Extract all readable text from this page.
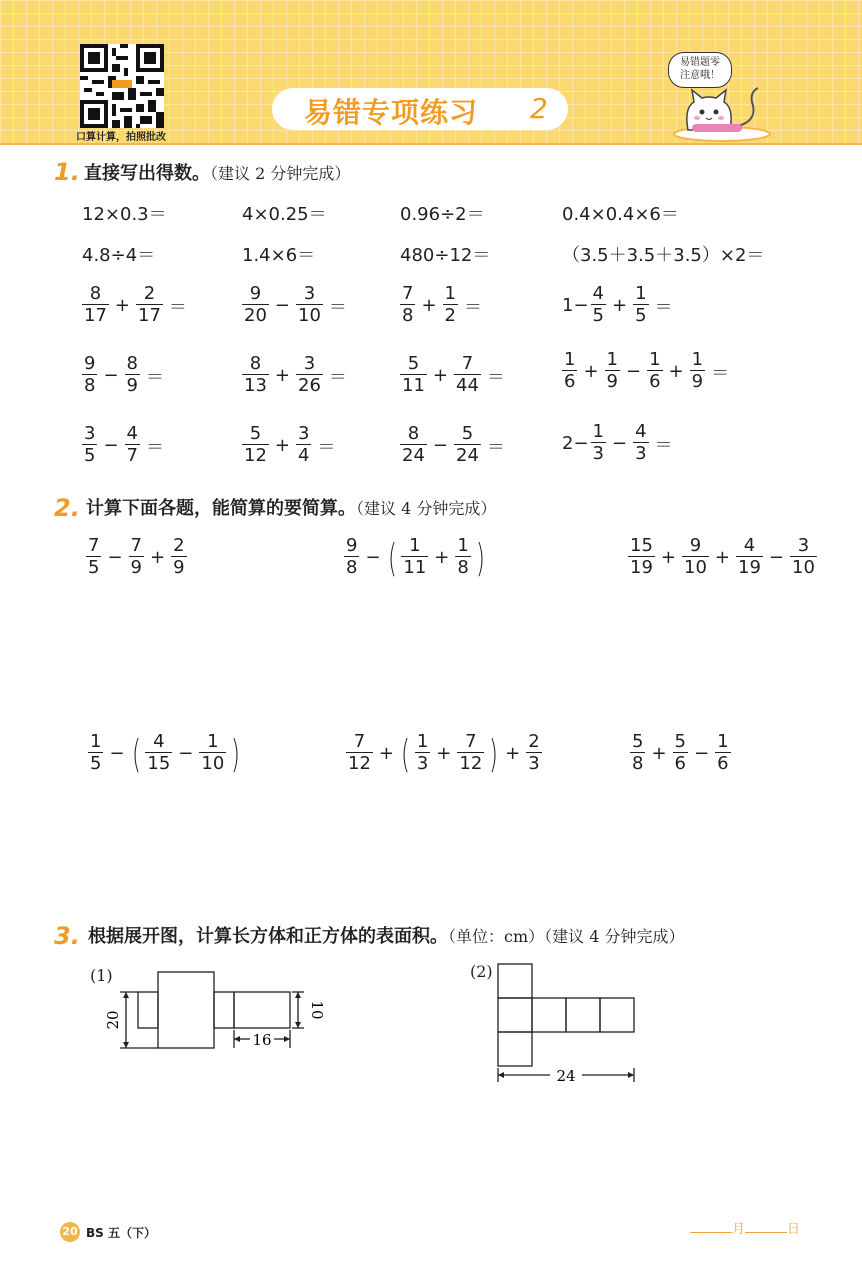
口算计算，拍照批改
易错专项练习 2
易错题零
注意哦！
1. 直接写出得数。（建议 2 分钟完成）
12×0.3＝	4×0.25＝	0.96÷2＝	0.4×0.4×6＝
4.8÷4＝	1.4×6＝	480÷12＝	（3.5＋3.5＋3.5）×2＝
$\frac{8}{17} + \frac{2}{17}$ ＝	$\frac{9}{20} - \frac{3}{10}$ ＝	$\frac{7}{8} + \frac{1}{2}$ ＝	$1- \frac{4}{5} + \frac{1}{5}$ ＝
$\frac{9}{8} - \frac{8}{9}$ ＝	$\frac{8}{13} + \frac{3}{26}$ ＝	$\frac{5}{11} + \frac{7}{44}$ ＝	$\frac{1}{6} + \frac{1}{9} - \frac{1}{6} + \frac{1}{9}$ ＝
$\frac{3}{5} - \frac{4}{7}$ ＝	$\frac{5}{12} + \frac{3}{4}$ ＝	$\frac{8}{24} - \frac{5}{24}$ ＝	$2- \frac{1}{3} - \frac{4}{3}$ ＝
2. 计算下面各题，能简算的要简算。（建议 4 分钟完成）
$\frac{7}{5} - \frac{7}{9} + \frac{2}{9}$	$\frac{9}{8}$ − ( $\frac{1}{11} + \frac{1}{8}$ )	$\frac{15}{19} + \frac{9}{10} + \frac{4}{19} - \frac{3}{10}$
$\frac{1}{5}$ − ( $\frac{4}{15} - \frac{1}{10}$ )	$\frac{7}{12}$ + ( $\frac{1}{3} + \frac{7}{12}$ ) + $\frac{2}{3}$	$\frac{5}{8} + \frac{5}{6} - \frac{1}{6}$
3. 根据展开图，计算长方体和正方体的表面积。（单位：cm）（建议 4 分钟完成）
(1)
20
10
16
(2)
24
20 BS 五（下）	月	日
